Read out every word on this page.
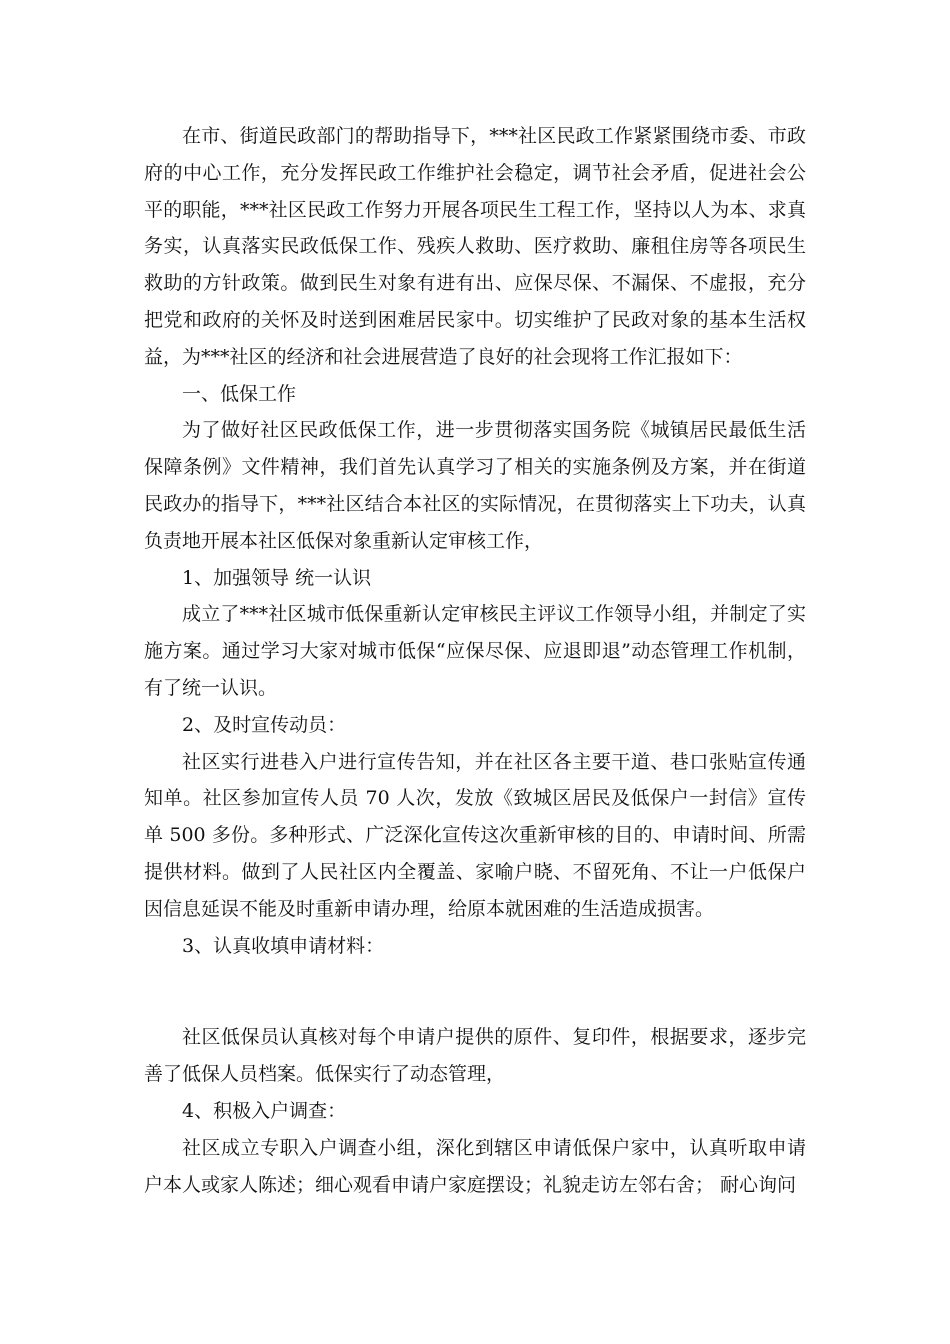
在市、街道民政部门的帮助指导下，***社区民政工作紧紧围绕市委、市政府的中心工作，充分发挥民政工作维护社会稳定，调节社会矛盾，促进社会公平的职能，***社区民政工作努力开展各项民生工程工作，坚持以人为本、求真务实，认真落实民政低保工作、残疾人救助、医疗救助、廉租住房等各项民生救助的方针政策。做到民生对象有进有出、应保尽保、不漏保、不虚报，充分把党和政府的关怀及时送到困难居民家中。切实维护了民政对象的基本生活权益，为***社区的经济和社会进展营造了良好的社会现将工作汇报如下：

一、低保工作

为了做好社区民政低保工作，进一步贯彻落实国务院《城镇居民最低生活保障条例》文件精神，我们首先认真学习了相关的实施条例及方案，并在街道民政办的指导下，***社区结合本社区的实际情况，在贯彻落实上下功夫，认真负责地开展本社区低保对象重新认定审核工作，

1、加强领导 统一认识

成立了***社区城市低保重新认定审核民主评议工作领导小组，并制定了实施方案。通过学习大家对城市低保“应保尽保、应退即退”动态管理工作机制，有了统一认识。

2、及时宣传动员：

社区实行进巷入户进行宣传告知，并在社区各主要干道、巷口张贴宣传通知单。社区参加宣传人员 70 人次，发放《致城区居民及低保户一封信》宣传单 500 多份。多种形式、广泛深化宣传这次重新审核的目的、申请时间、所需提供材料。做到了人民社区内全覆盖、家喻户晓、不留死角、不让一户低保户因信息延误不能及时重新申请办理，给原本就困难的生活造成损害。

3、认真收填申请材料：

社区低保员认真核对每个申请户提供的原件、复印件，根据要求，逐步完善了低保人员档案。低保实行了动态管理，

4、积极入户调查：

社区成立专职入户调查小组，深化到辖区申请低保户家中，认真听取申请户本人或家人陈述；细心观看申请户家庭摆设；礼貌走访左邻右舍； 耐心询问
